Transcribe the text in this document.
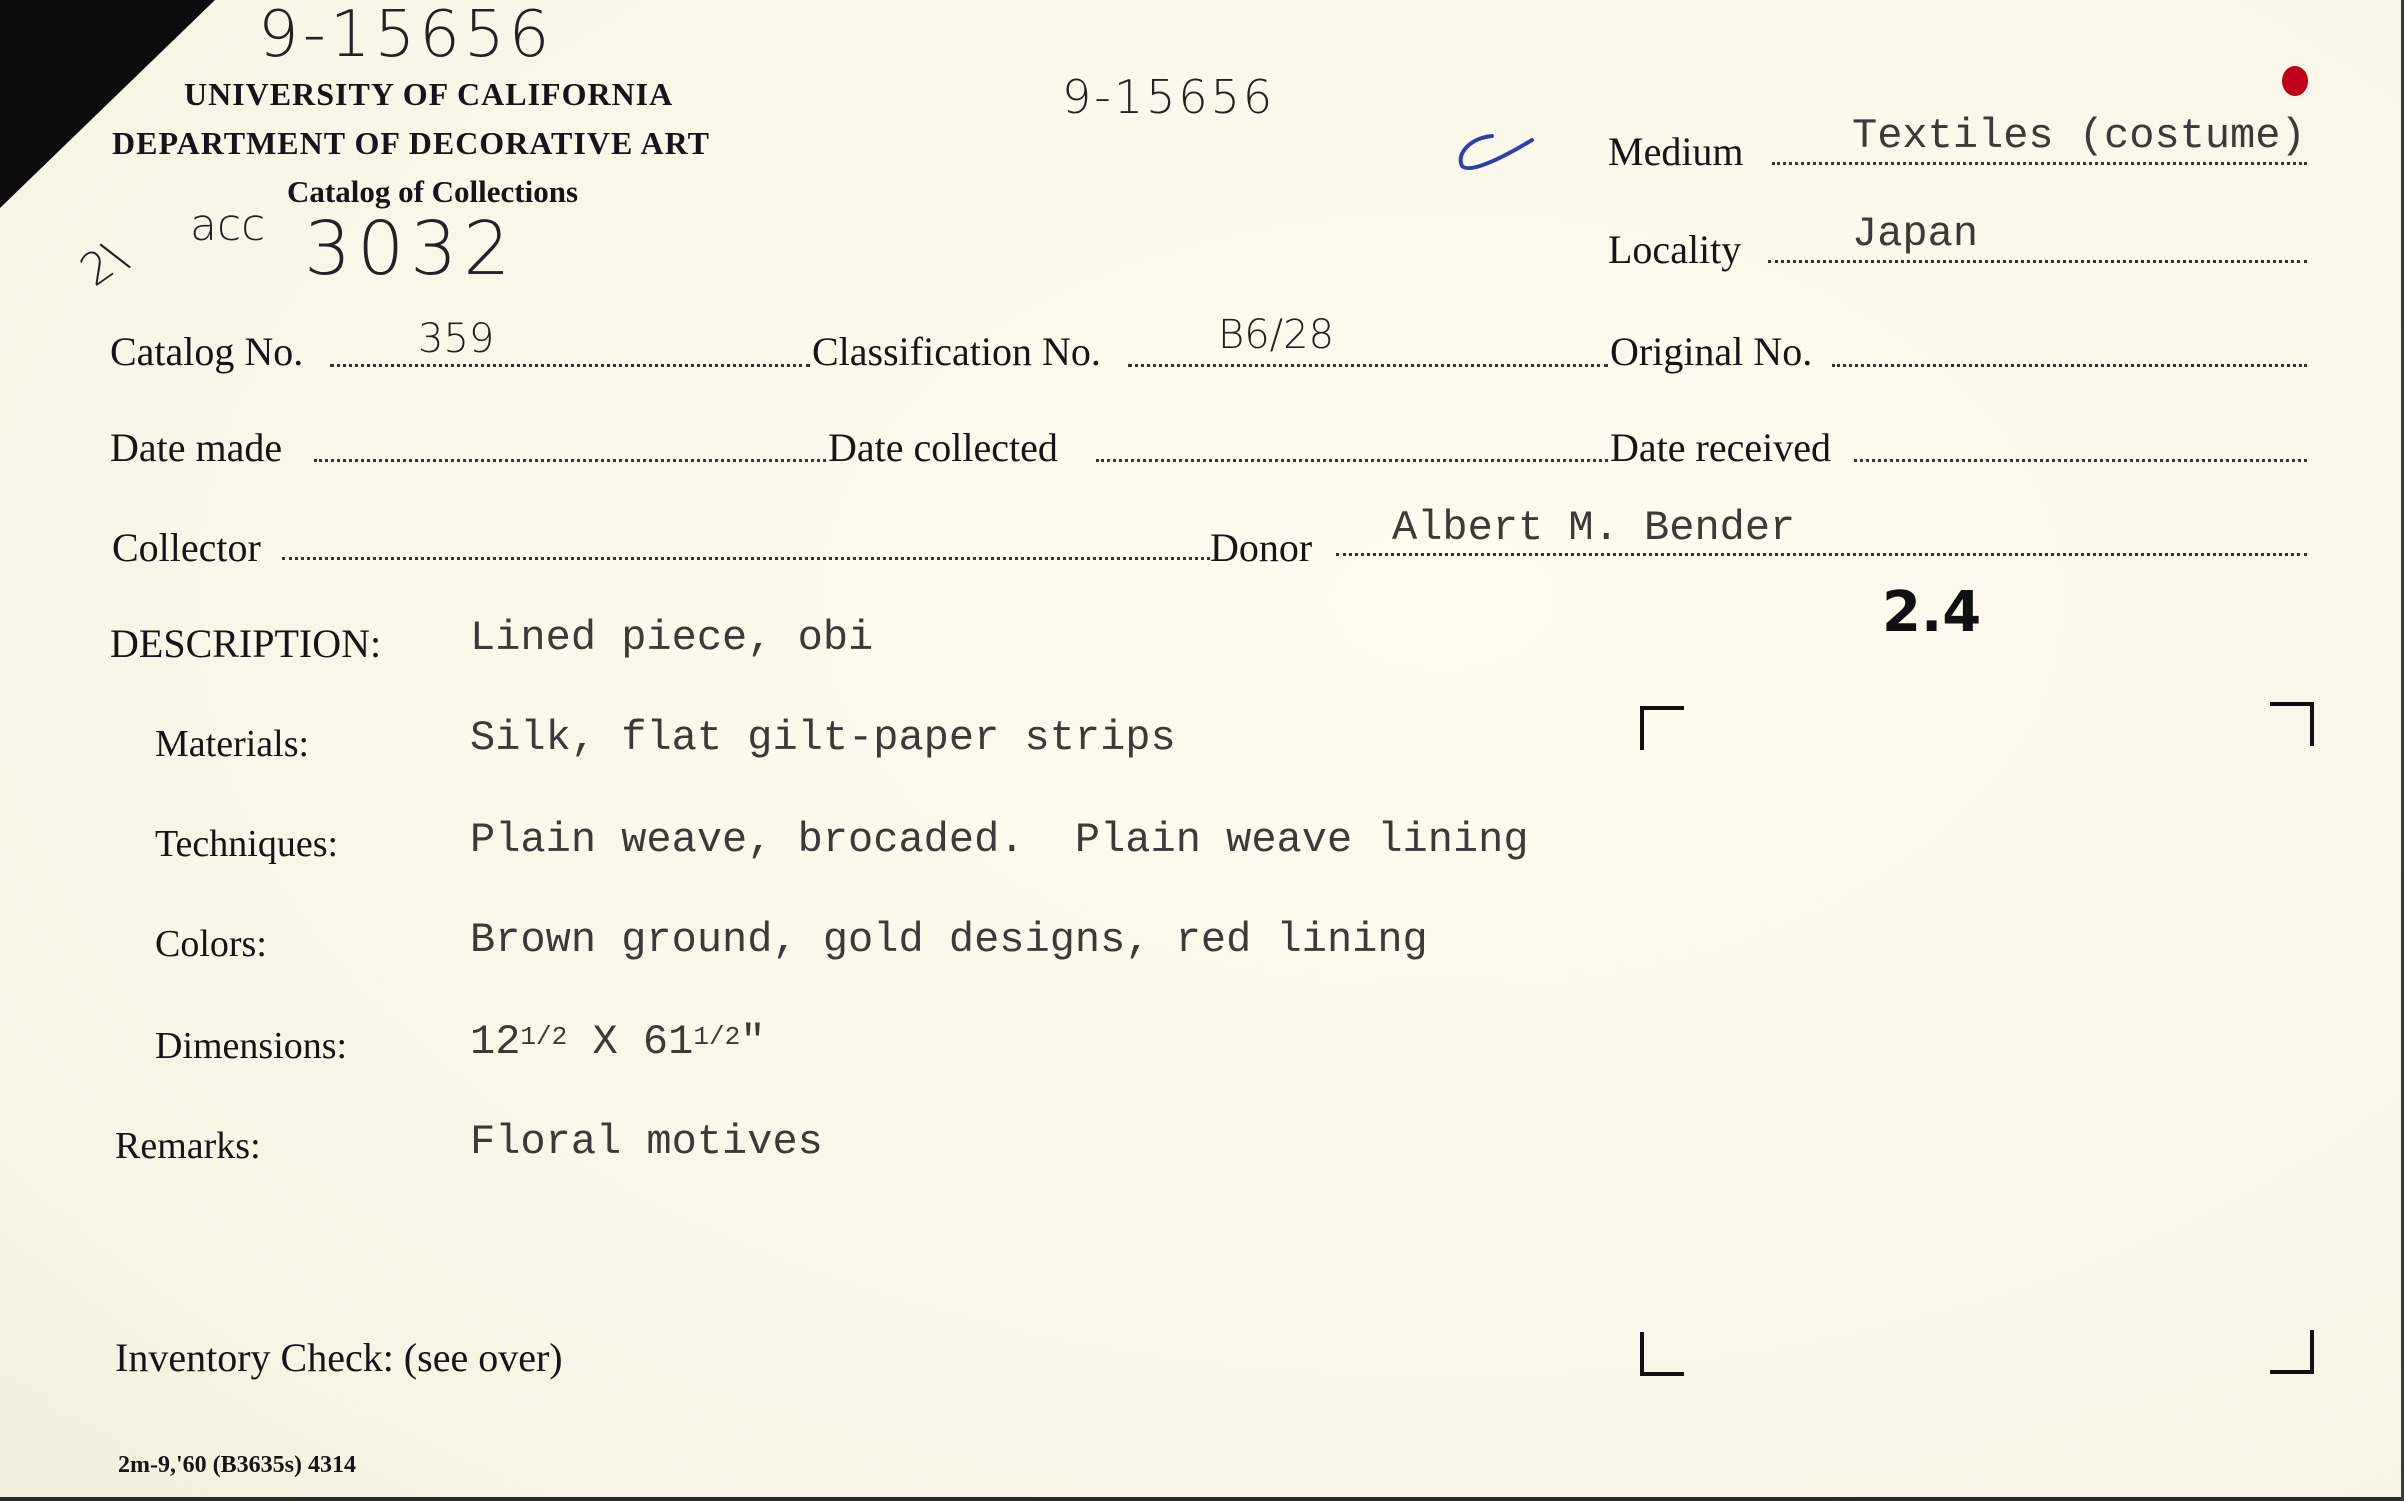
9-15656
9-15656
2\
acc 3032
2.4
UNIVERSITY OF CALIFORNIA
DEPARTMENT OF DECORATIVE ART
Catalog of Collections
Medium	Textiles (costume)
Locality	Japan
Catalog No.	359	Classification No.	B6/28	Original No.
Date made	Date collected	Date received
Collector	Donor Albert M. Bender
DESCRIPTION: Lined piece, obi
Materials:	Silk, flat gilt-paper strips
Techniques:	Plain weave, brocaded.  Plain weave lining
Colors:	Brown ground, gold designs, red lining
Dimensions:	$12^{1/2}$ X $61^{1/2}$"
Remarks:	Floral motives
Inventory Check: (see over)
2m-9,'60 (B3635s) 4314
